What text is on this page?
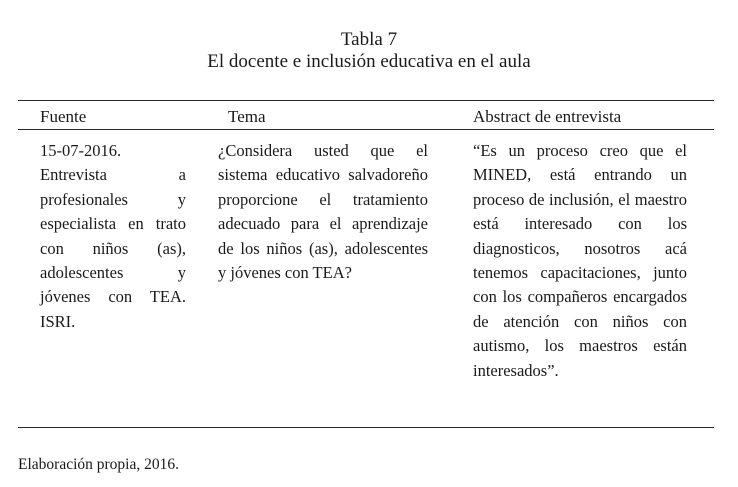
Tabla 7
El docente e inclusión educativa en el aula
Fuente	Tema	Abstract de entrevista
15-07-2016. Entrevista a profesionales y especialista en trato con niños (as), adolescentes y jóvenes con TEA. ISRI.
¿Considera usted que el sistema educativo salvadoreño proporcione el tratamiento adecuado para el aprendizaje de los niños (as), adolescentes y jóvenes con TEA?
“Es un proceso creo que el MINED, está entrando un proceso de inclusión, el maestro está interesado con los diagnosticos, nosotros acá tenemos capacitaciones, junto con los compañeros encargados de atención con niños con autismo, los maestros están interesados”.
Elaboración propia, 2016.
